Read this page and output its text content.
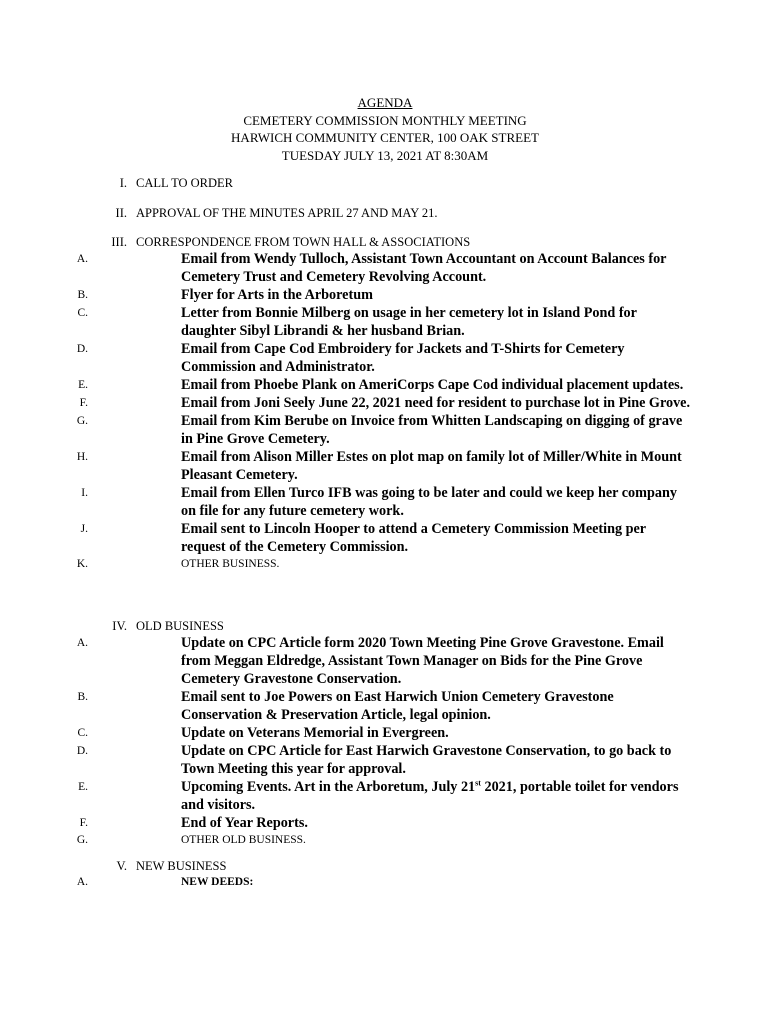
AGENDA
CEMETERY COMMISSION MONTHLY MEETING
HARWICH COMMUNITY CENTER, 100 OAK STREET
TUESDAY JULY 13, 2021 AT 8:30AM
I. CALL TO ORDER
II. APPROVAL OF THE MINUTES APRIL 27 AND MAY 21.
III. CORRESPONDENCE FROM TOWN HALL & ASSOCIATIONS
A.	Email from Wendy Tulloch, Assistant Town Accountant on Account Balances for Cemetery Trust and Cemetery Revolving Account.
B.	Flyer for Arts in the Arboretum
C.	Letter from Bonnie Milberg on usage in her cemetery lot in Island Pond for daughter Sibyl Librandi & her husband Brian.
D.	Email from Cape Cod Embroidery for Jackets and T-Shirts for Cemetery Commission and Administrator.
E.	Email from Phoebe Plank on AmeriCorps Cape Cod individual placement updates.
F.	Email from Joni Seely June 22, 2021 need for resident to purchase lot in Pine Grove.
G.	Email from Kim Berube on Invoice from Whitten Landscaping on digging of grave in Pine Grove Cemetery.
H.	Email from Alison Miller Estes on plot map on family lot of Miller/White in Mount Pleasant Cemetery.
I.	Email from Ellen Turco IFB was going to be later and could we keep her company on file for any future cemetery work.
J.	Email sent to Lincoln Hooper to attend a Cemetery Commission Meeting per request of the Cemetery Commission.
K.	OTHER BUSINESS.
IV. OLD BUSINESS
A.	Update on CPC Article form 2020 Town Meeting Pine Grove Gravestone. Email from Meggan Eldredge, Assistant Town Manager on Bids for the Pine Grove Cemetery Gravestone Conservation.
B.	Email sent to Joe Powers on East Harwich Union Cemetery Gravestone Conservation & Preservation Article, legal opinion.
C.	Update on Veterans Memorial in Evergreen.
D.	Update on CPC Article for East Harwich Gravestone Conservation, to go back to Town Meeting this year for approval.
E.	Upcoming Events. Art in the Arboretum, July 21st 2021, portable toilet for vendors and visitors.
F.	End of Year Reports.
G.	OTHER OLD BUSINESS.
V. NEW BUSINESS
A.	NEW DEEDS:
